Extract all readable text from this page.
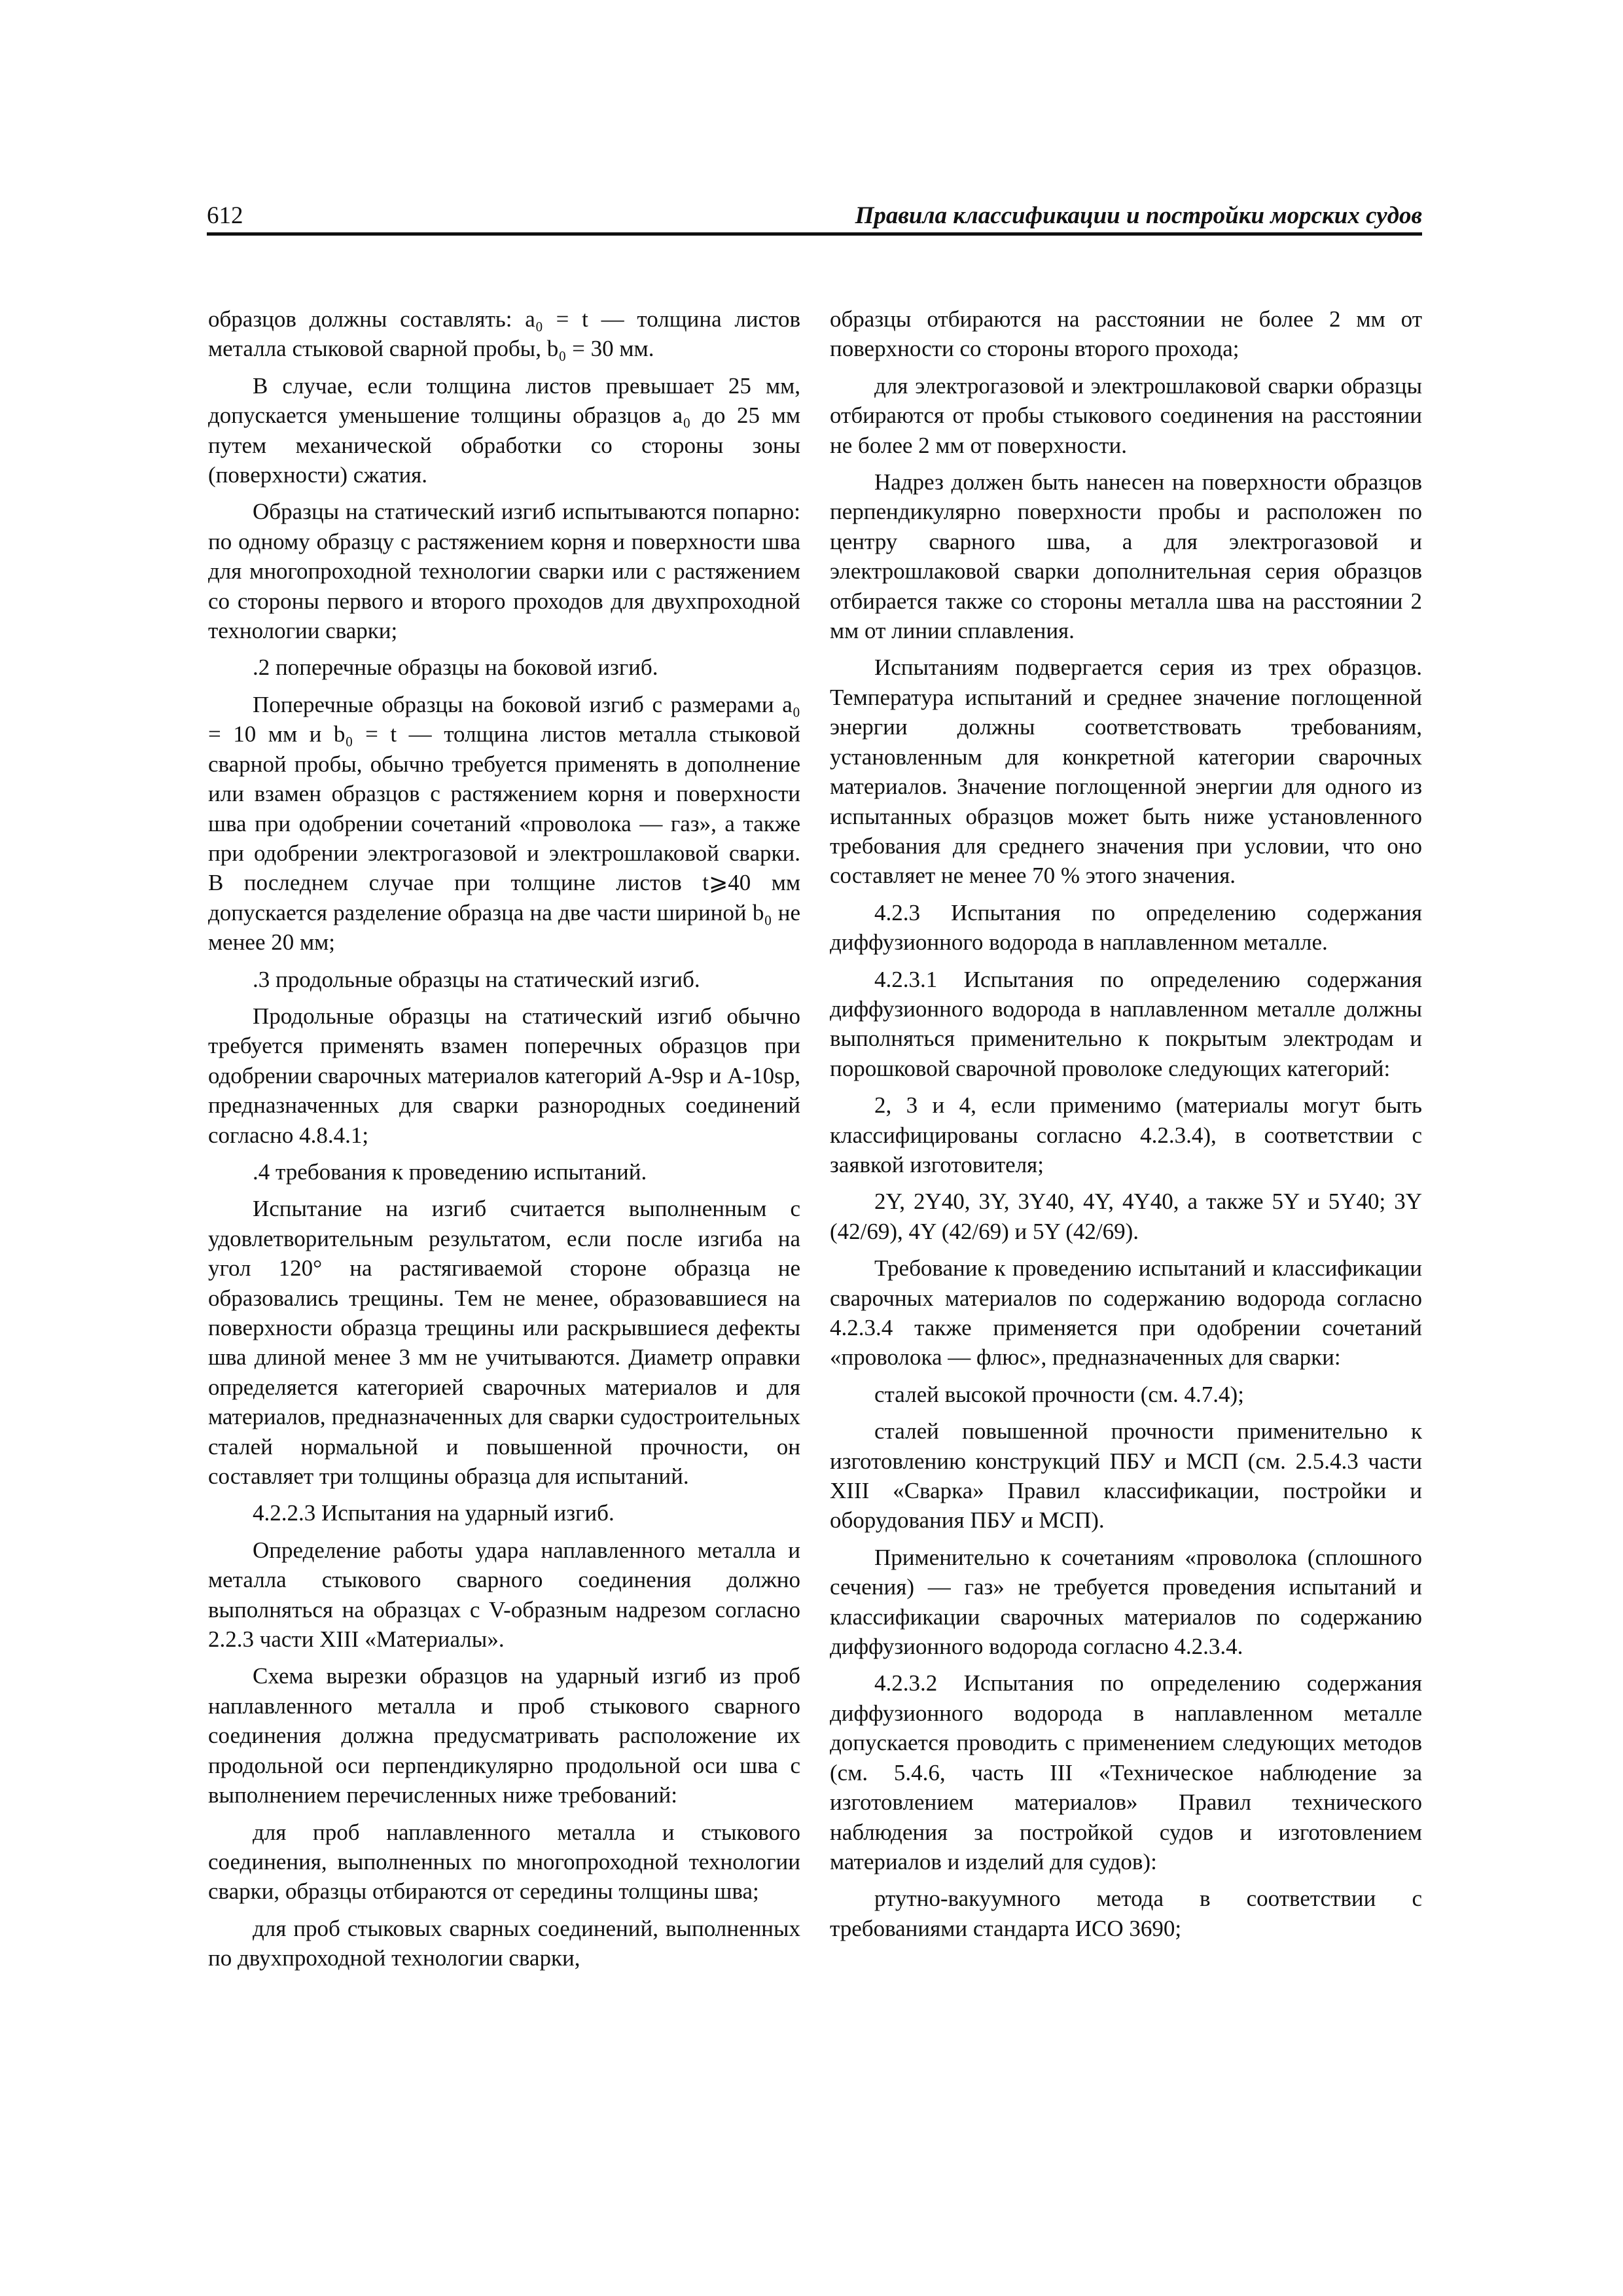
612	Правила классификации и постройки морских судов

образцов должны составлять: a₀ = t — толщина листов металла стыковой сварной пробы, b₀ = 30 мм.

В случае, если толщина листов превышает 25 мм, допускается уменьшение толщины образцов a₀ до 25 мм путем механической обработки со стороны зоны (поверхности) сжатия.

Образцы на статический изгиб испытываются попарно: по одному образцу с растяжением корня и поверхности шва для многопроходной технологии сварки или с растяжением со стороны первого и второго проходов для двухпроходной технологии сварки;

.2 поперечные образцы на боковой изгиб.

Поперечные образцы на боковой изгиб с размерами a₀ = 10 мм и b₀ = t — толщина листов металла стыковой сварной пробы, обычно требуется применять в дополнение или взамен образцов с растяжением корня и поверхности шва при одобрении сочетаний «проволока — газ», а также при одобрении электрогазовой и электрошлаковой сварки. В последнем случае при толщине листов t⩾40 мм допускается разделение образца на две части шириной b₀ не менее 20 мм;

.3 продольные образцы на статический изгиб.

Продольные образцы на статический изгиб обычно требуется применять взамен поперечных образцов при одобрении сварочных материалов категорий A-9sp и A-10sp, предназначенных для сварки разнородных соединений согласно 4.8.4.1;

.4 требования к проведению испытаний.

Испытание на изгиб считается выполненным с удовлетворительным результатом, если после изгиба на угол 120° на растягиваемой стороне образца не образовались трещины. Тем не менее, образовавшиеся на поверхности образца трещины или раскрывшиеся дефекты шва длиной менее 3 мм не учитываются. Диаметр оправки определяется категорией сварочных материалов и для материалов, предназначенных для сварки судостроительных сталей нормальной и повышенной прочности, он составляет три толщины образца для испытаний.

4.2.2.3 Испытания на ударный изгиб.

Определение работы удара наплавленного металла и металла стыкового сварного соединения должно выполняться на образцах с V-образным надрезом согласно 2.2.3 части XIII «Материалы».

Схема вырезки образцов на ударный изгиб из проб наплавленного металла и проб стыкового сварного соединения должна предусматривать расположение их продольной оси перпендикулярно продольной оси шва с выполнением перечисленных ниже требований:

для проб наплавленного металла и стыкового соединения, выполненных по многопроходной технологии сварки, образцы отбираются от середины толщины шва;

для проб стыковых сварных соединений, выполненных по двухпроходной технологии сварки,

образцы отбираются на расстоянии не более 2 мм от поверхности со стороны второго прохода;

для электрогазовой и электрошлаковой сварки образцы отбираются от пробы стыкового соединения на расстоянии не более 2 мм от поверхности.

Надрез должен быть нанесен на поверхности образцов перпендикулярно поверхности пробы и расположен по центру сварного шва, а для электрогазовой и электрошлаковой сварки дополнительная серия образцов отбирается также со стороны металла шва на расстоянии 2 мм от линии сплавления.

Испытаниям подвергается серия из трех образцов. Температура испытаний и среднее значение поглощенной энергии должны соответствовать требованиям, установленным для конкретной категории сварочных материалов. Значение поглощенной энергии для одного из испытанных образцов может быть ниже установленного требования для среднего значения при условии, что оно составляет не менее 70 % этого значения.

4.2.3 Испытания по определению содержания диффузионного водорода в наплавленном металле.

4.2.3.1 Испытания по определению содержания диффузионного водорода в наплавленном металле должны выполняться применительно к покрытым электродам и порошковой сварочной проволоке следующих категорий:

2, 3 и 4, если применимо (материалы могут быть классифицированы согласно 4.2.3.4), в соответствии с заявкой изготовителя;

2Y, 2Y40, 3Y, 3Y40, 4Y, 4Y40, а также 5Y и 5Y40; 3Y (42/69), 4Y (42/69) и 5Y (42/69).

Требование к проведению испытаний и классификации сварочных материалов по содержанию водорода согласно 4.2.3.4 также применяется при одобрении сочетаний «проволока — флюс», предназначенных для сварки:

сталей высокой прочности (см. 4.7.4);

сталей повышенной прочности применительно к изготовлению конструкций ПБУ и МСП (см. 2.5.4.3 части XIII «Сварка» Правил классификации, постройки и оборудования ПБУ и МСП).

Применительно к сочетаниям «проволока (сплошного сечения) — газ» не требуется проведения испытаний и классификации сварочных материалов по содержанию диффузионного водорода согласно 4.2.3.4.

4.2.3.2 Испытания по определению содержания диффузионного водорода в наплавленном металле допускается проводить с применением следующих методов (см. 5.4.6, часть III «Техническое наблюдение за изготовлением материалов» Правил технического наблюдения за постройкой судов и изготовлением материалов и изделий для судов):

ртутно-вакуумного метода в соответствии с требованиями стандарта ИСО 3690;
